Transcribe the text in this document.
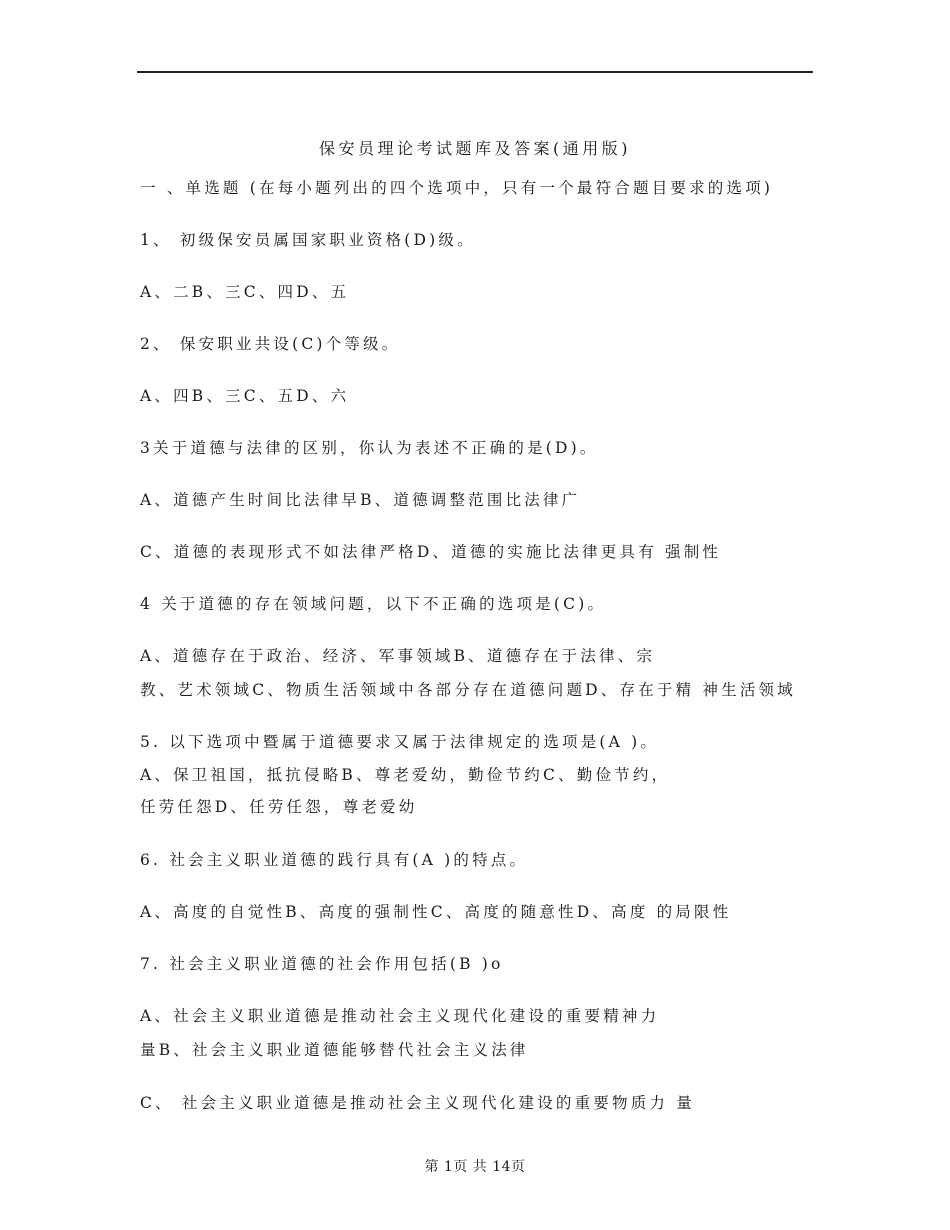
保安员理论考试题库及答案(通用版)
一 、单选题 (在每小题列出的四个选项中，只有一个最符合题目要求的选项)
1、 初级保安员属国家职业资格(D)级。
A、二B、三C、四D、五
2、 保安职业共设(C)个等级。
A、四B、三C、五D、六
3关于道德与法律的区别，你认为表述不正确的是(D)。
A、道德产生时间比法律早B、道德调整范围比法律广
C、道德的表现形式不如法律严格D、道德的实施比法律更具有 强制性
4 关于道德的存在领域问题，以下不正确的选项是(C)。
A、道德存在于政治、经济、军事领域B、道德存在于法律、宗
教、艺术领域C、物质生活领域中各部分存在道德问题D、存在于精 神生活领域
5. 以下选项中暨属于道德要求又属于法律规定的选项是(A )。
A、保卫祖国，抵抗侵略B、尊老爱幼，勤俭节约C、勤俭节约，
任劳任怨D、任劳任怨，尊老爱幼
6. 社会主义职业道德的践行具有(A )的特点。
A、高度的自觉性B、高度的强制性C、高度的随意性D、高度 的局限性
7. 社会主义职业道德的社会作用包括(B )o
A、社会主义职业道德是推动社会主义现代化建设的重要精神力
量B、社会主义职业道德能够替代社会主义法律
C、 社会主义职业道德是推动社会主义现代化建设的重要物质力 量
第 1页 共 14页
